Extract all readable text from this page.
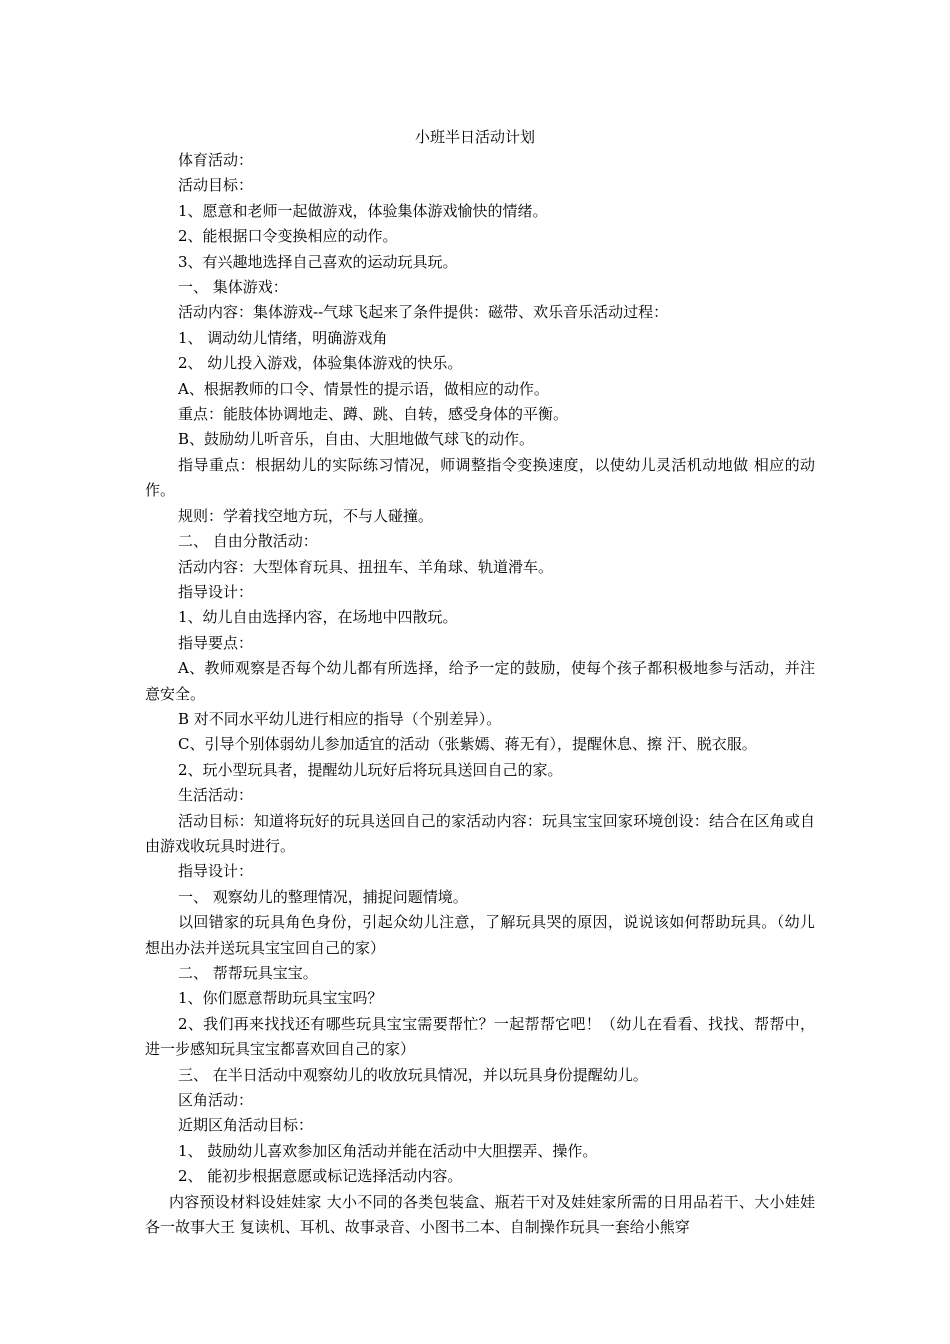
小班半日活动计划

体育活动：

活动目标：

1、愿意和老师一起做游戏，体验集体游戏愉快的情绪。

2、能根据口令变换相应的动作。

3、有兴趣地选择自己喜欢的运动玩具玩。

一、 集体游戏：

活动内容：集体游戏--气球飞起来了条件提供：磁带、欢乐音乐活动过程：

1、 调动幼儿情绪，明确游戏角

2、 幼儿投入游戏，体验集体游戏的快乐。

A、根据教师的口令、情景性的提示语，做相应的动作。

重点：能肢体协调地走、蹲、跳、自转，感受身体的平衡。

B、鼓励幼儿听音乐，自由、大胆地做气球飞的动作。

指导重点：根据幼儿的实际练习情况，师调整指令变换速度，以使幼儿灵活机动地做 相应的动作。

规则：学着找空地方玩，不与人碰撞。

二、 自由分散活动：

活动内容：大型体育玩具、扭扭车、羊角球、轨道滑车。

指导设计：

1、幼儿自由选择内容，在场地中四散玩。

指导要点：

A、教师观察是否每个幼儿都有所选择，给予一定的鼓励，使每个孩子都积极地参与活动，并注意安全。

B 对不同水平幼儿进行相应的指导（个别差异）。

C、引导个别体弱幼儿参加适宜的活动（张紫嫣、蒋无有），提醒休息、擦 汗、脱衣服。

2、玩小型玩具者，提醒幼儿玩好后将玩具送回自己的家。

生活活动：

活动目标：知道将玩好的玩具送回自己的家活动内容：玩具宝宝回家环境创设：结合在区角或自由游戏收玩具时进行。

指导设计：

一、 观察幼儿的整理情况，捕捉问题情境。

以回错家的玩具角色身份，引起众幼儿注意，了解玩具哭的原因，说说该如何帮助玩具。（幼儿想出办法并送玩具宝宝回自己的家）

二、 帮帮玩具宝宝。

1、你们愿意帮助玩具宝宝吗？

2、我们再来找找还有哪些玩具宝宝需要帮忙？一起帮帮它吧！（幼儿在看看、找找、帮帮中，进一步感知玩具宝宝都喜欢回自己的家）

三、 在半日活动中观察幼儿的收放玩具情况，并以玩具身份提醒幼儿。

区角活动：

近期区角活动目标：

1、 鼓励幼儿喜欢参加区角活动并能在活动中大胆摆弄、操作。

2、 能初步根据意愿或标记选择活动内容。

内容预设材料设娃娃家 大小不同的各类包装盒、瓶若干对及娃娃家所需的日用品若干、大小娃娃各一故事大王 复读机、耳机、故事录音、小图书二本、自制操作玩具一套给小熊穿
